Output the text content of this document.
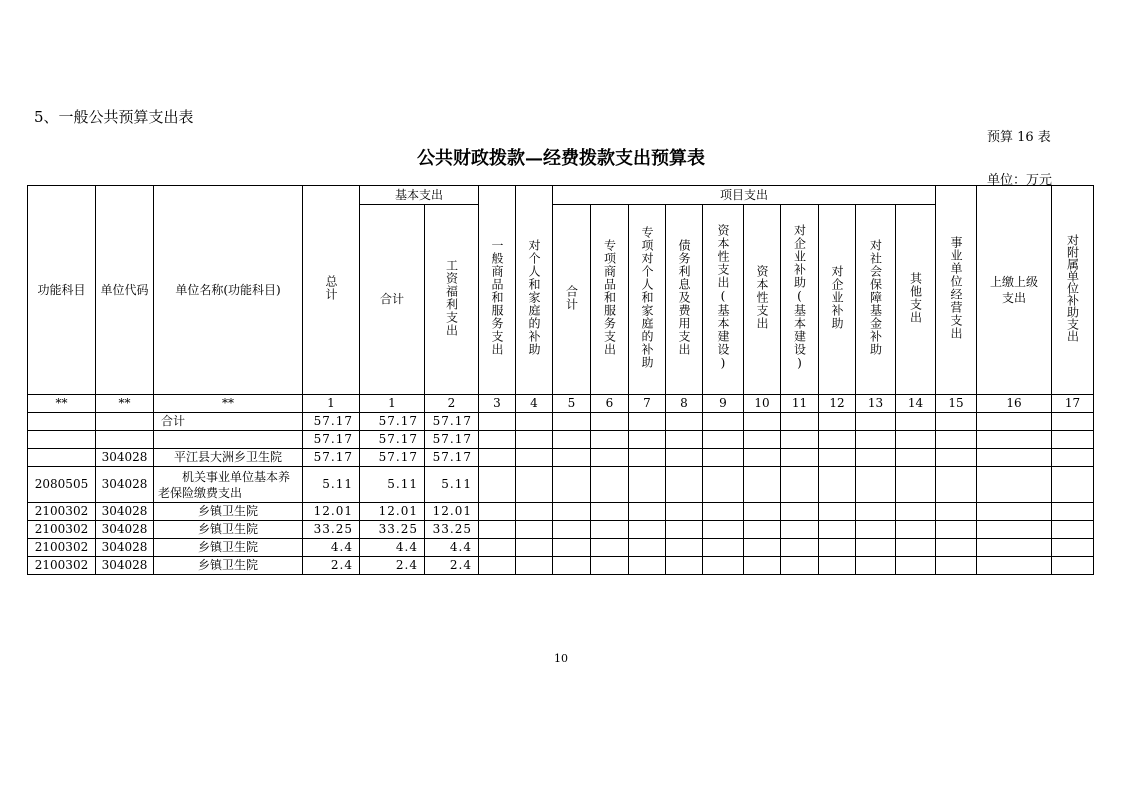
5、一般公共预算支出表
预算 16 表
公共财政拨款—经费拨款支出预算表
单位：万元
功能科目	单位代码	单位名称(功能科目)	总计	基本支出				项目支出										事业单位经营支出	上缴上级支出	对附属单位补助支出
				合计	工资福利支出	一般商品和服务支出	对个人和家庭的补助	合计	专项商品和服务支出	专项对个人和家庭的补助	债务利息及费用支出	资本性支出(基本建设)	资本性支出	对企业补助(基本建设)	对企业补助	对社会保障基金补助	其他支出			
**	**	**	1	1	2	3	4	5	6	7	8	9	10	11	12	13	14	15	16	17
		合计	57.17	57.17	57.17															
			57.17	57.17	57.17															
	304028	平江县大洲乡卫生院	57.17	57.17	57.17															
2080505	304028	机关事业单位基本养老保险缴费支出	5.11	5.11	5.11															
2100302	304028	乡镇卫生院	12.01	12.01	12.01															
2100302	304028	乡镇卫生院	33.25	33.25	33.25															
2100302	304028	乡镇卫生院	4.4	4.4	4.4															
2100302	304028	乡镇卫生院	2.4	2.4	2.4															
10
